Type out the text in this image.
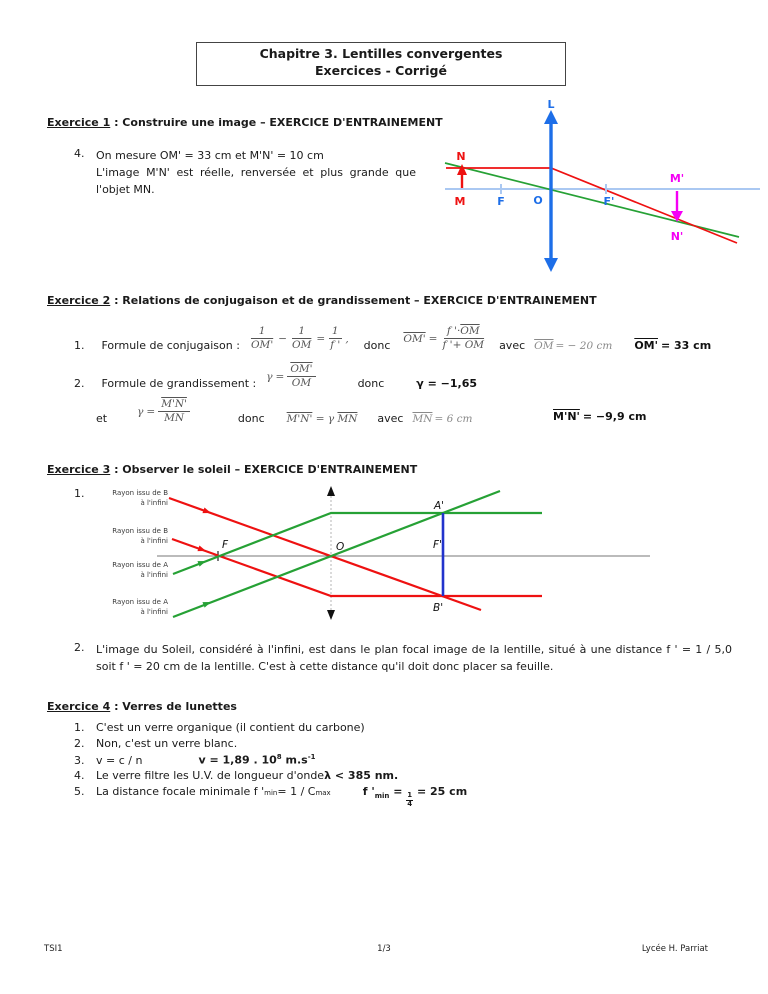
Chapitre 3. Lentilles convergentes
Exercices - Corrigé
Exercice 1 : Construire une image – EXERCICE D'ENTRAINEMENT
4. On mesure OM' = 33 cm et M'N' = 10 cm
L'image M'N' est réelle, renversée et plus grande que l'objet MN.
L
N
M	F	O	F'
M'
N'
Exercice 2 : Relations de conjugaison et de grandissement – EXERCICE D'ENTRAINEMENT
1. Formule de conjugaison : $\frac{1}{OM'} - \frac{1}{OM} = \frac{1}{f '}$ ,
donc
$OM' = \frac{f '\cdot\overline{OM}}{f '+ \overline{OM}}$ avec $\overline{OM}$ = − 20 cm OM' = 33 cm
2. Formule de grandissement :
$\gamma = \frac{OM'}{OM}$	donc	γ = −1,65
et
$\gamma = \frac{M'N'}{MN}$	donc M'N' = γ $\overline{MN}$ avec $\overline{MN} = 6$ cm	M'N' = −9,9 cm
Exercice 3 : Observer le soleil – EXERCICE D'ENTRAINEMENT
1.
F	O	F'
A'
B'
Rayon issu de B
à l'infini
Rayon issu de B
à l'infini
Rayon issu de A
à l'infini
Rayon issu de A
à l'infini
2. L'image du Soleil, considéré à l'infini, est dans le plan focal image de la lentille, situé à une distance f ' = 1 / 5,0 soit f ' = 20 cm de la lentille. C'est à cette distance qu'il doit donc placer sa feuille.
Exercice 4 : Verres de lunettes
1.	C'est un verre organique (il contient du carbone)
2.	Non, c'est un verre blanc.
3.	v = c / n	v = 1,89 . $10^8$ $m.s^{-1}$
4.	Le verre filtre les U.V. de longueur d'onde λ < 385 nm.
5.	La distance focale minimale f ' min = 1 / C max	f '$_{min}$ =
$\frac{1}{4}$
= 25 cm
TSI1	1/3	Lycée H. Parriat
